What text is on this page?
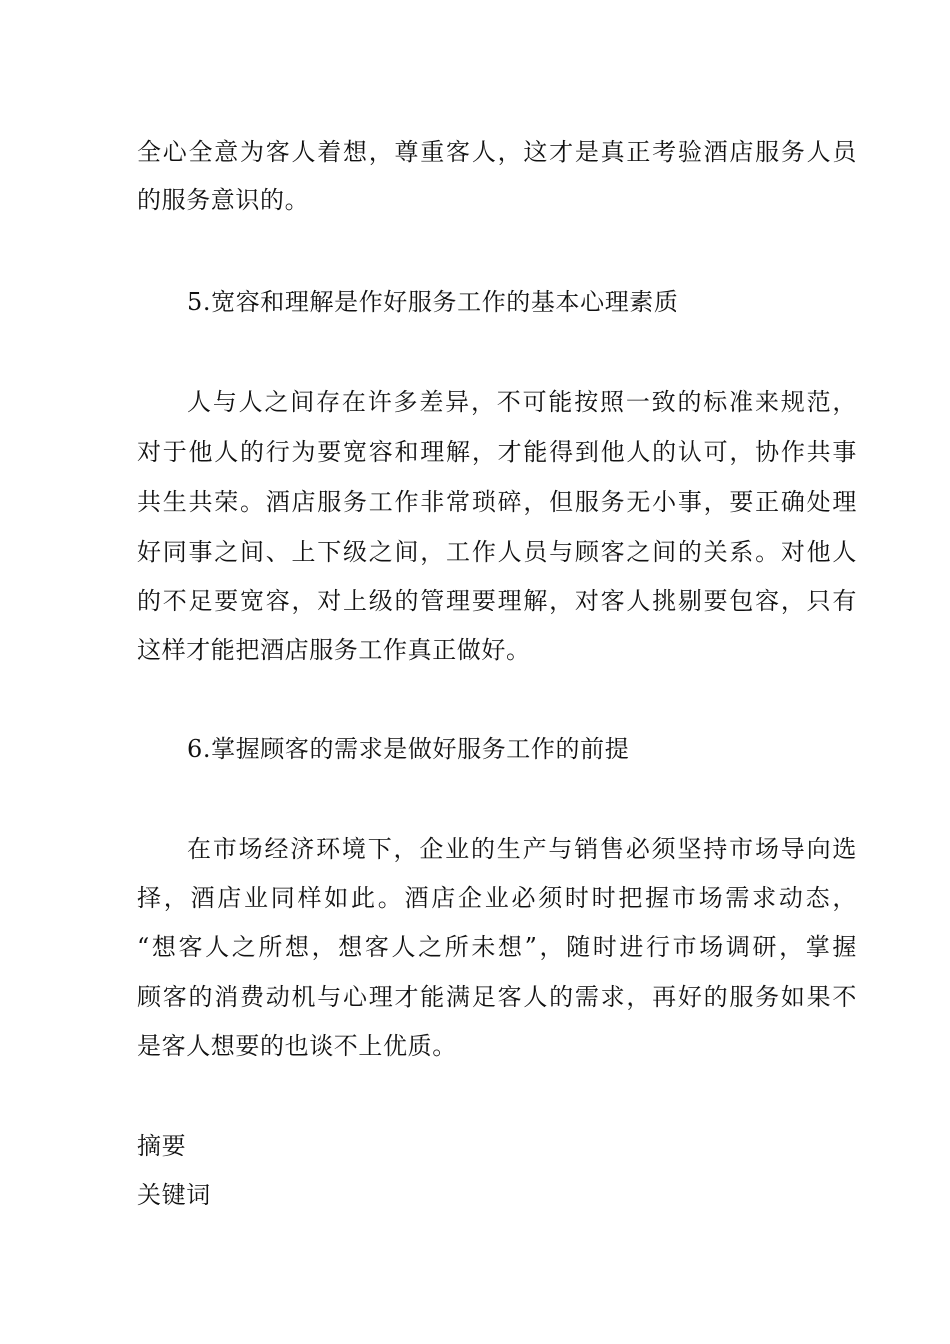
全心全意为客人着想，尊重客人，这才是真正考验酒店服务人员
的服务意识的。
5.宽容和理解是作好服务工作的基本心理素质
人与人之间存在许多差异，不可能按照一致的标准来规范，
对于他人的行为要宽容和理解，才能得到他人的认可，协作共事
共生共荣。酒店服务工作非常琐碎，但服务无小事，要正确处理
好同事之间、上下级之间，工作人员与顾客之间的关系。对他人
的不足要宽容，对上级的管理要理解，对客人挑剔要包容，只有
这样才能把酒店服务工作真正做好。
6.掌握顾客的需求是做好服务工作的前提
在市场经济环境下，企业的生产与销售必须坚持市场导向选
择，酒店业同样如此。酒店企业必须时时把握市场需求动态，
“想客人之所想，想客人之所未想”，随时进行市场调研，掌握
顾客的消费动机与心理才能满足客人的需求，再好的服务如果不
是客人想要的也谈不上优质。
摘要
关键词
